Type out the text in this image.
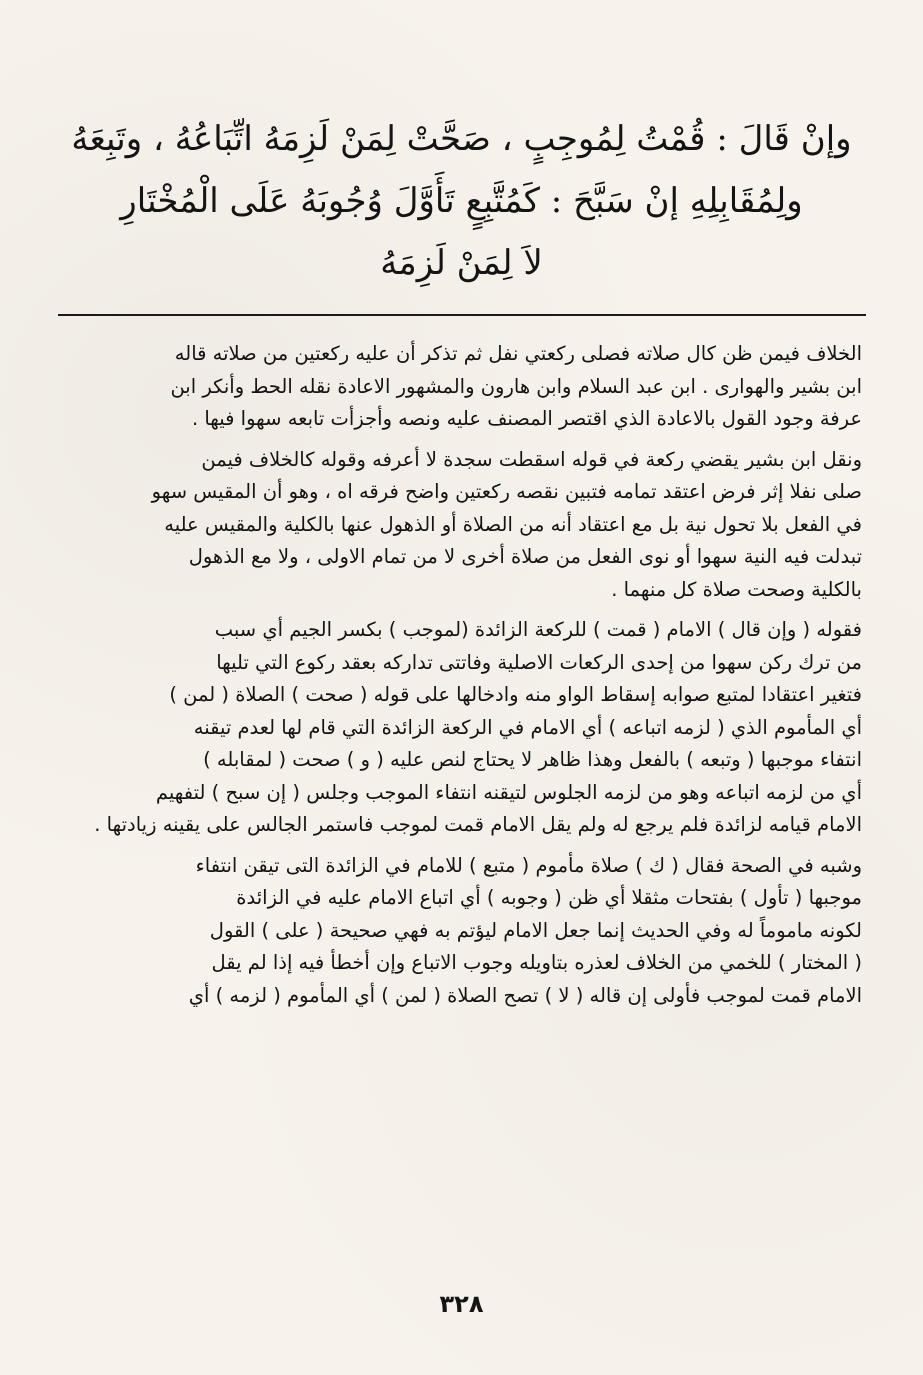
وإنْ قَالَ : قُمْتُ لِمُوجِبٍ ، صَحَّتْ لِمَنْ لَزِمَهُ اتِّبَاعُهُ ، وتَبِعَهُ
ولِمُقَابِلِهِ إنْ سَبَّحَ : كَمُتَّبِعٍ تَأَوَّلَ وُجُوبَهُ عَلَى الْمُخْتَارِ
لاَ لِمَنْ لَزِمَهُ
الخلاف فيمن ظن كال صلاته فصلى ركعتي نفل ثم تذكر أن عليه ركعتين من صلاته قاله
ابن بشير والهوارى . ابن عبد السلام وابن هارون والمشهور الاعادة نقله الحط وأنكر ابن
عرفة وجود القول بالاعادة الذي اقتصر المصنف عليه ونصه وأجزأت تابعه سهوا فيها .
ونقل ابن بشير يقضي ركعة في قوله اسقطت سجدة لا أعرفه وقوله كالخلاف فيمن
صلى نفلا إثر فرض اعتقد تمامه فتبين نقصه ركعتين واضح فرقه اه ، وهو أن المقيس سهو
في الفعل بلا تحول نية بل مع اعتقاد أنه من الصلاة أو الذهول عنها بالكلية والمقيس عليه
تبدلت فيه النية سهوا أو نوى الفعل من صلاة أخرى لا من تمام الاولى ، ولا مع الذهول
بالكلية وصحت صلاة كل منهما .
فقوله ( وإن قال ) الامام ( قمت ) للركعة الزائدة (لموجب ) بكسر الجيم أي سبب
من ترك ركن سهوا من إحدى الركعات الاصلية وفاتتى تداركه بعقد ركوع التي تليها
فتغير اعتقادا لمتبع صوابه إسقاط الواو منه وادخالها على قوله ( صحت ) الصلاة ( لمن )
أي المأموم الذي ( لزمه اتباعه ) أي الامام في الركعة الزائدة التي قام لها لعدم تيقنه
انتفاء موجبها ( وتبعه ) بالفعل وهذا ظاهر لا يحتاج لنص عليه ( و ) صحت ( لمقابله )
أي من لزمه اتباعه وهو من لزمه الجلوس لتيقنه انتفاء الموجب وجلس ( إن سبح ) لتفهيم
الامام قيامه لزائدة فلم يرجع له ولم يقل الامام قمت لموجب فاستمر الجالس على يقينه زيادتها .
وشبه في الصحة فقال ( ك ) صلاة مأموم ( متبع ) للامام في الزائدة التى تيقن انتفاء
موجبها ( تأول ) بفتحات مثقلا أي ظن ( وجوبه ) أي اتباع الامام عليه في الزائدة
لكونه ماموماً له وفي الحديث إنما جعل الامام ليؤتم به فهي صحيحة ( على ) القول
( المختار ) للخمي من الخلاف لعذره بتاويله وجوب الاتباع وإن أخطأ فيه إذا لم يقل
الامام قمت لموجب فأولى إن قاله ( لا ) تصح الصلاة ( لمن ) أي المأموم ( لزمه ) أي
٣٢٨
